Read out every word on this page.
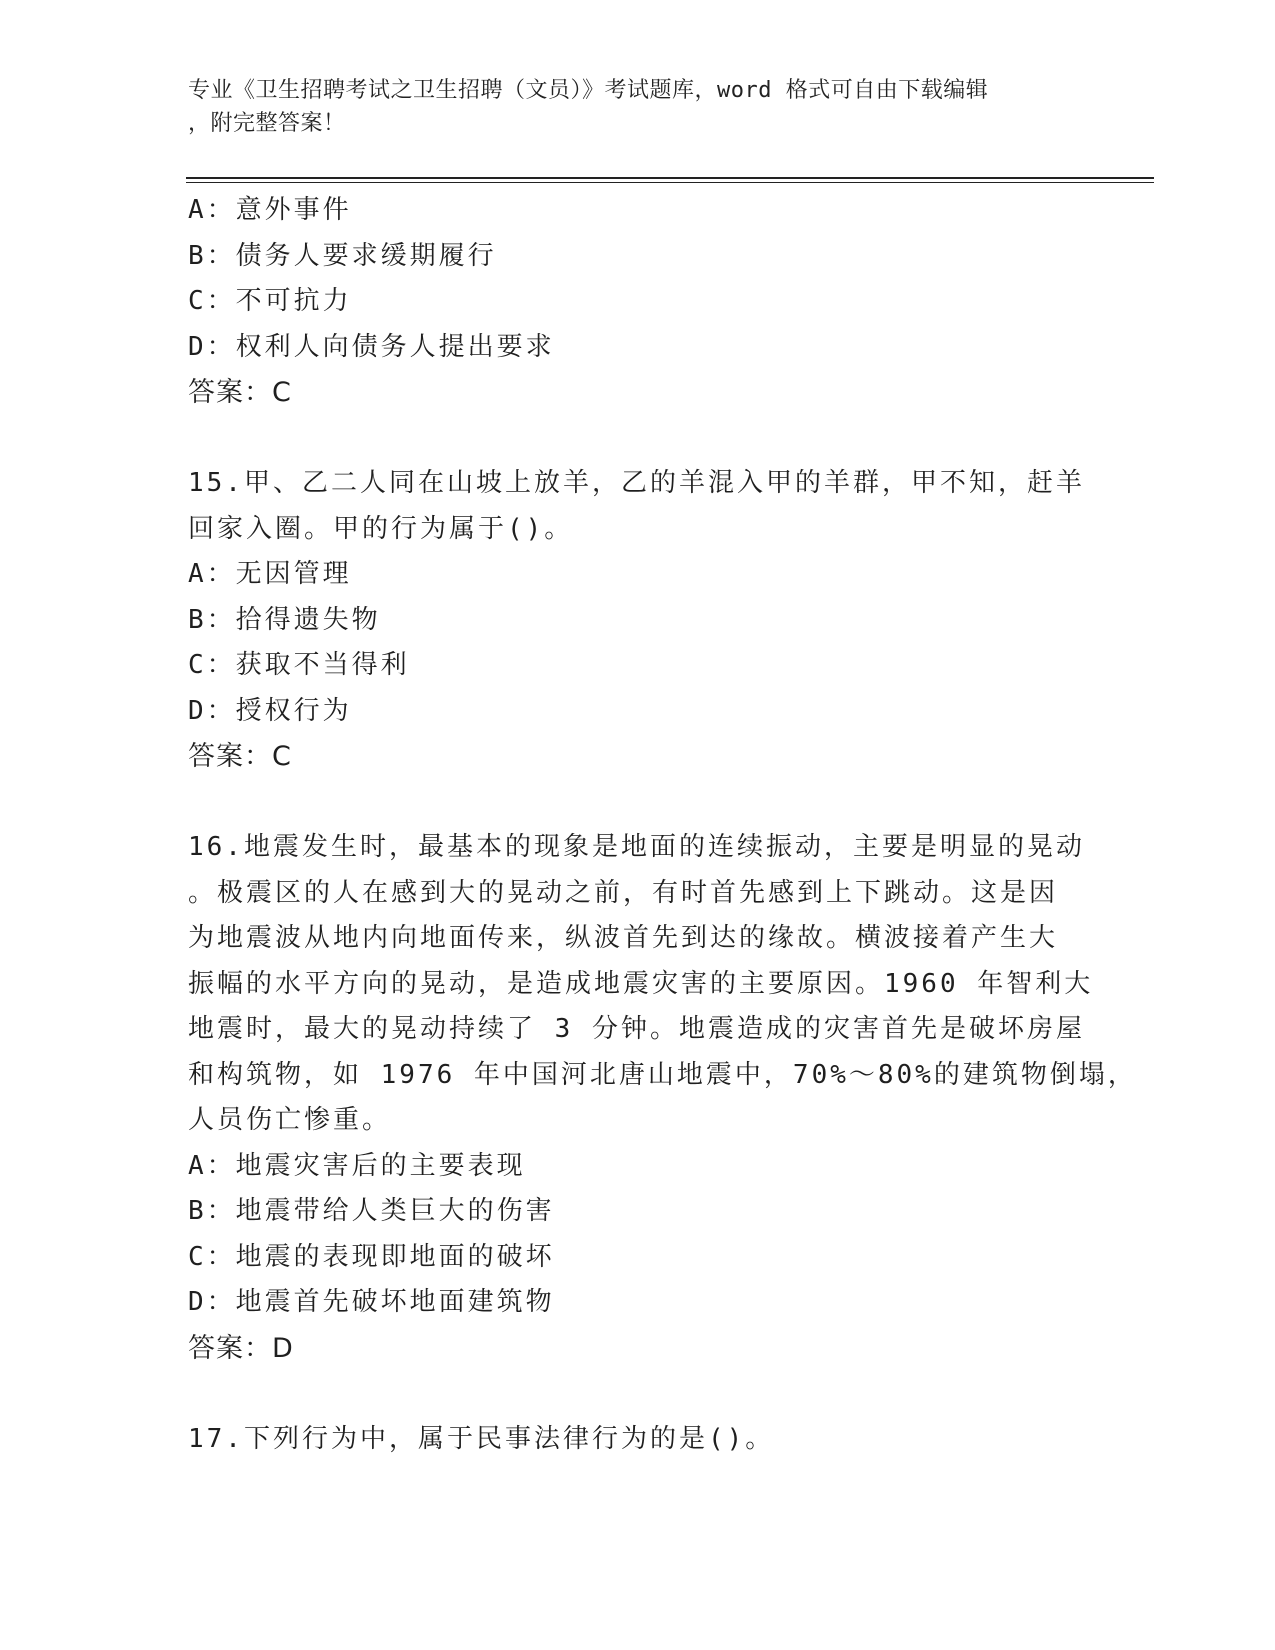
专业《卫生招聘考试之卫生招聘（文员）》考试题库，word 格式可自由下载编辑
，附完整答案！
A：意外事件
B：债务人要求缓期履行
C：不可抗力
D：权利人向债务人提出要求
答案：C
15.甲、乙二人同在山坡上放羊，乙的羊混入甲的羊群，甲不知，赶羊
回家入圈。甲的行为属于()。
A：无因管理
B：拾得遗失物
C：获取不当得利
D：授权行为
答案：C
16.地震发生时，最基本的现象是地面的连续振动，主要是明显的晃动
。极震区的人在感到大的晃动之前，有时首先感到上下跳动。这是因
为地震波从地内向地面传来，纵波首先到达的缘故。横波接着产生大
振幅的水平方向的晃动，是造成地震灾害的主要原因。1960 年智利大
地震时，最大的晃动持续了 3 分钟。地震造成的灾害首先是破坏房屋
和构筑物，如 1976 年中国河北唐山地震中，70%～80%的建筑物倒塌，
人员伤亡惨重。
A：地震灾害后的主要表现
B：地震带给人类巨大的伤害
C：地震的表现即地面的破坏
D：地震首先破坏地面建筑物
答案：D
17.下列行为中，属于民事法律行为的是()。
